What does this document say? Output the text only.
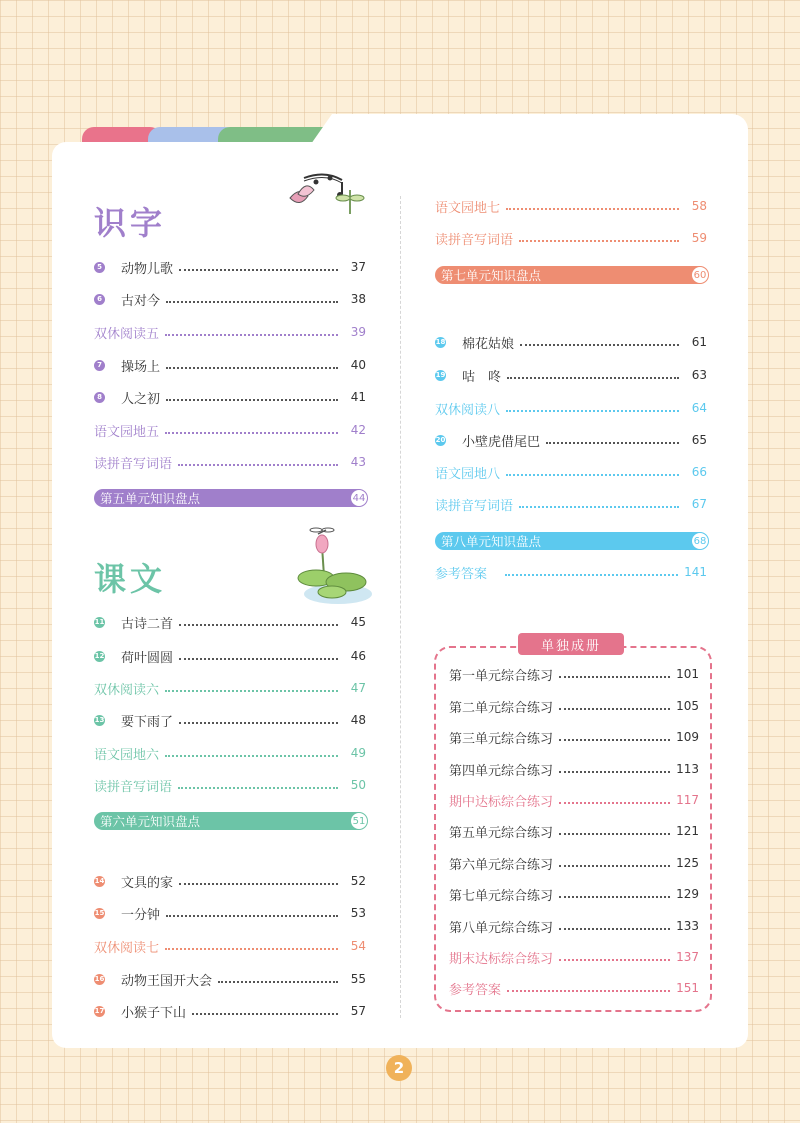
识字
5 动物儿歌	37
6 古对今	38
双休阅读五	39
7 操场上	40
8 人之初	41
语文园地五	42
读拼音写词语	43
第五单元知识盘点	44
课文
11 古诗二首	45
12 荷叶圆圆	46
双休阅读六	47
13 要下雨了	48
语文园地六	49
读拼音写词语	50
第六单元知识盘点	51
14 文具的家	52
15 一分钟	53
双休阅读七	54
16 动物王国开大会	55
17 小猴子下山	57
语文园地七	58
读拼音写词语	59
第七单元知识盘点	60
18 棉花姑娘	61
19 咕　咚	63
双休阅读八	64
20 小壁虎借尾巴	65
语文园地八	66
读拼音写词语	67
第八单元知识盘点	68
参考答案	141
单独成册
第一单元综合练习	101
第二单元综合练习	105
第三单元综合练习	109
第四单元综合练习	113
期中达标综合练习	117
第五单元综合练习	121
第六单元综合练习	125
第七单元综合练习	129
第八单元综合练习	133
期末达标综合练习	137
参考答案	151
2
